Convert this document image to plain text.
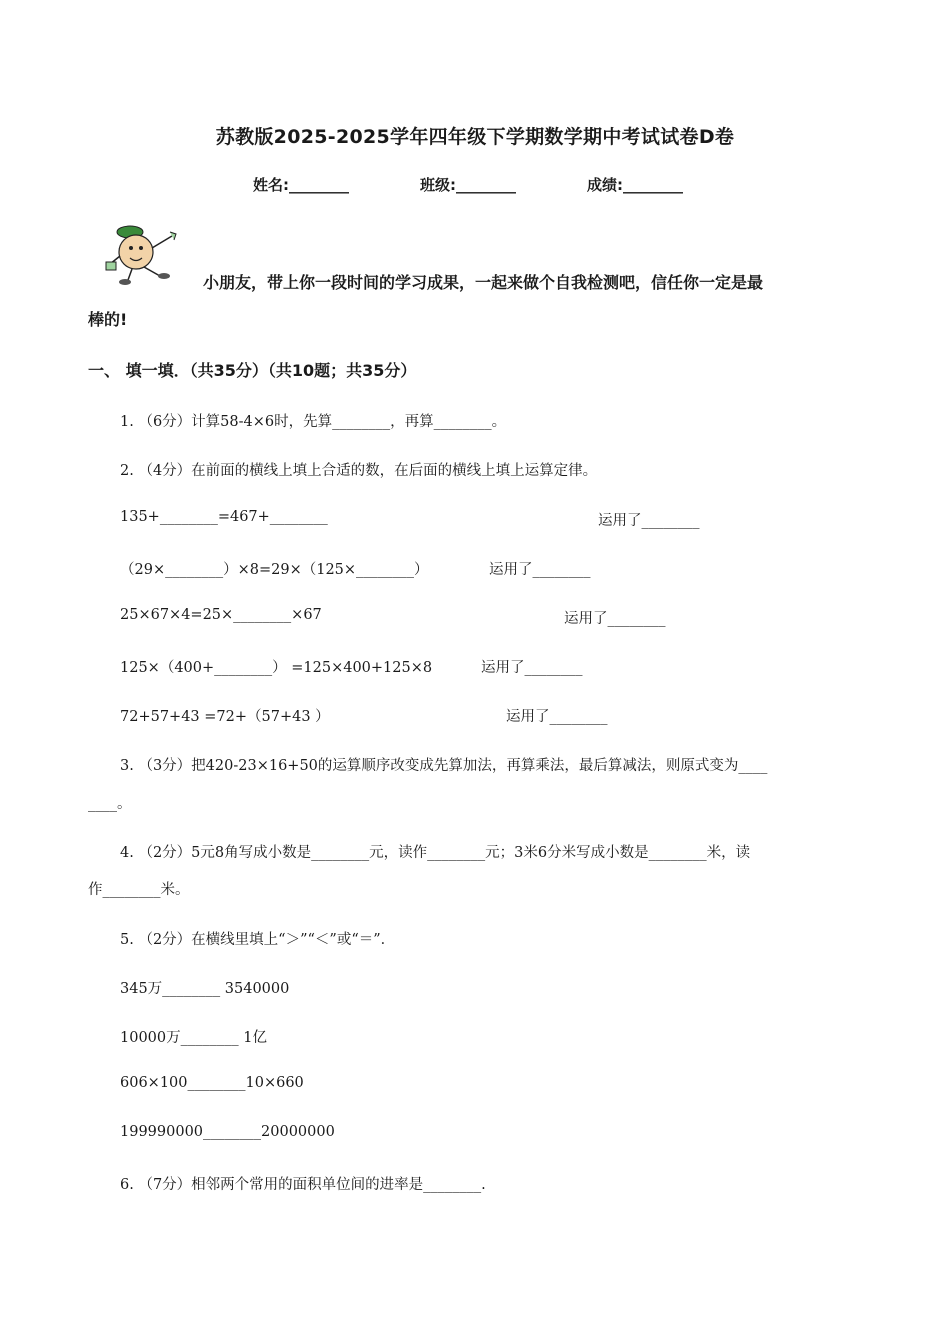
苏教版2025-2025学年四年级下学期数学期中考试试卷D卷
姓名:________	班级:________	成绩:________
小朋友，带上你一段时间的学习成果，一起来做个自我检测吧，信任你一定是最
棒的!
一、 填一填．（共35分）（共10题；共35分）
1. （6分）计算58-4×6时，先算________，再算________。
2. （4分）在前面的横线上填上合适的数，在后面的横线上填上运算定律。
135+________=467+________	运用了________
（29×________）×8=29×（125×________）	运用了________
25×67×4=25×________×67	运用了________
125×（400+________） =125×400+125×8	运用了________
72+57+43 =72+（57+43 ）	运用了________
3. （3分）把420-23×16+50的运算顺序改变成先算加法，再算乘法，最后算减法，则原式变为____
____。
4. （2分）5元8角写成小数是________元，读作________元；3米6分米写成小数是________米，读
作________米。
5. （2分）在横线里填上“＞”“＜”或“＝”．
345万________ 3540000
10000万________ 1亿
606×100________10×660
199990000________20000000
6. （7分）相邻两个常用的面积单位间的进率是________.
